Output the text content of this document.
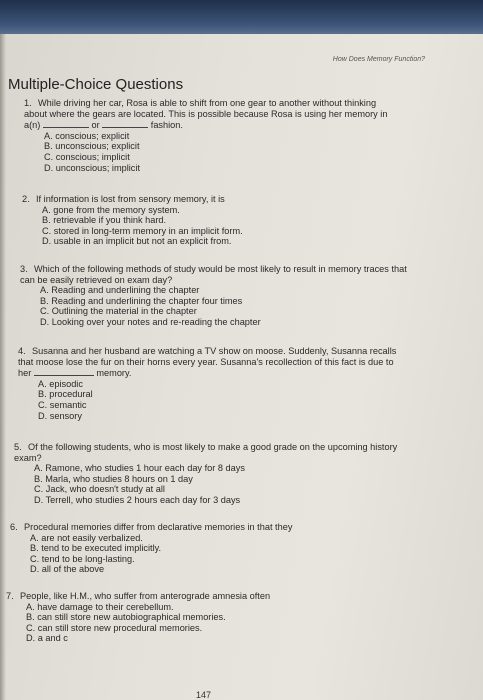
How Does Memory Function?
Multiple-Choice Questions
1. While driving her car, Rosa is able to shift from one gear to another without thinking about where the gears are located. This is possible because Rosa is using her memory in a(n)	or	fashion.
A. conscious; explicit
B. unconscious; explicit
C. conscious; implicit
D. unconscious; implicit
2. If information is lost from sensory memory, it is
A. gone from the memory system.
B. retrievable if you think hard.
C. stored in long-term memory in an implicit form.
D. usable in an implicit but not an explicit from.
3. Which of the following methods of study would be most likely to result in memory traces that can be easily retrieved on exam day?
A. Reading and underlining the chapter
B. Reading and underlining the chapter four times
C. Outlining the material in the chapter
D. Looking over your notes and re-reading the chapter
4. Susanna and her husband are watching a TV show on moose. Suddenly, Susanna recalls that moose lose the fur on their horns every year. Susanna's recollection of this fact is due to her	memory.
A. episodic
B. procedural
C. semantic
D. sensory
5. Of the following students, who is most likely to make a good grade on the upcoming history exam?
A. Ramone, who studies 1 hour each day for 8 days
B. Marla, who studies 8 hours on 1 day
C. Jack, who doesn't study at all
D. Terrell, who studies 2 hours each day for 3 days
6. Procedural memories differ from declarative memories in that they
A. are not easily verbalized.
B. tend to be executed implicitly.
C. tend to be long-lasting.
D. all of the above
7. People, like H.M., who suffer from anterograde amnesia often
A. have damage to their cerebellum.
B. can still store new autobiographical memories.
C. can still store new procedural memories.
D. a and c
147
